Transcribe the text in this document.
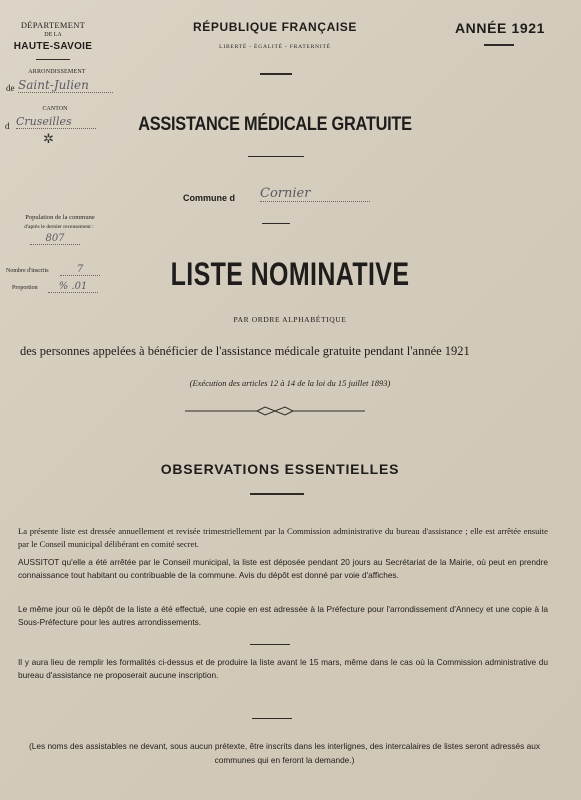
DÉPARTEMENT
DE LA
HAUTE-SAVOIE
ARRONDISSEMENT
de Saint-Julien
CANTON
d Cruseilles
✲
RÉPUBLIQUE FRANÇAISE
LIBERTÉ - ÉGALITÉ - FRATERNITÉ
ANNÉE 1921
ASSISTANCE MÉDICALE GRATUITE
Commune d Cornier
Population de la commune
d'après le dernier recensement :
807
Nombre d'inscrits	7
Proportion	% .01	LISTE NOMINATIVE
PAR ORDRE ALPHABÉTIQUE
des personnes appelées à bénéficier de l'assistance médicale gratuite pendant l'année 1921
(Exécution des articles 12 à 14 de la loi du 15 juillet 1893)
OBSERVATIONS ESSENTIELLES
La présente liste est dressée annuellement et revisée trimestriellement par la Commission administrative du bureau d'assistance ; elle est arrêtée ensuite par le Conseil municipal délibérant en comité secret.
AUSSITOT qu'elle a été arrêtée par le Conseil municipal, la liste est déposée pendant 20 jours au Secrétariat de la Mairie, où peut en prendre connaissance tout habitant ou contribuable de la commune. Avis du dépôt est donné par voie d'affiches.
Le même jour où le dépôt de la liste a été effectué, une copie en est adressée à la Préfecture pour l'arrondissement d'Annecy et une copie à la Sous-Préfecture pour les autres arrondissements.
Il y aura lieu de remplir les formalités ci-dessus et de produire la liste avant le 15 mars, même dans le cas où la Commission administrative du bureau d'assistance ne proposerait aucune inscription.
(Les noms des assistables ne devant, sous aucun prétexte, être inscrits dans les interlignes, des intercalaires de listes seront adressés aux communes qui en feront la demande.)
